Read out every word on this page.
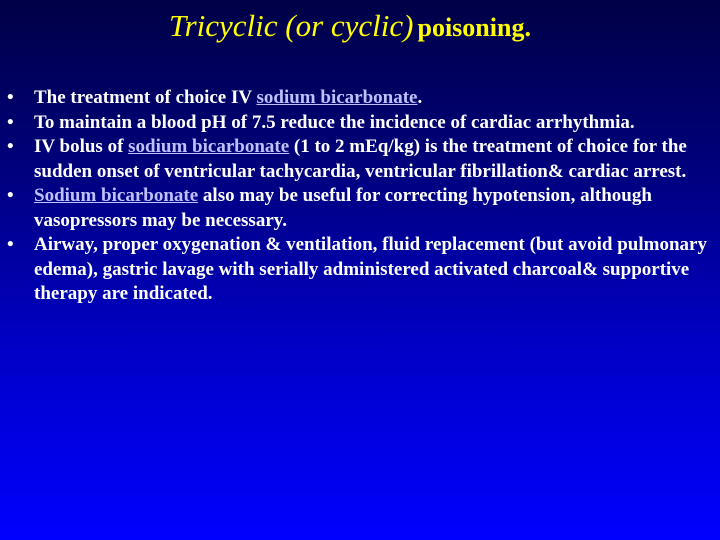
Tricyclic (or cyclic) poisoning.
• The treatment of choice IV sodium bicarbonate.
• To maintain a blood pH of 7.5 reduce the incidence of cardiac arrhythmia.
• IV bolus of sodium bicarbonate (1 to 2 mEq/kg) is the treatment of choice for the sudden onset of ventricular tachycardia, ventricular fibrillation& cardiac arrest.
• Sodium bicarbonate also may be useful for correcting hypotension, although vasopressors may be necessary.
• Airway, proper oxygenation & ventilation, fluid replacement (but avoid pulmonary edema), gastric lavage with serially administered activated charcoal& supportive therapy are indicated.
